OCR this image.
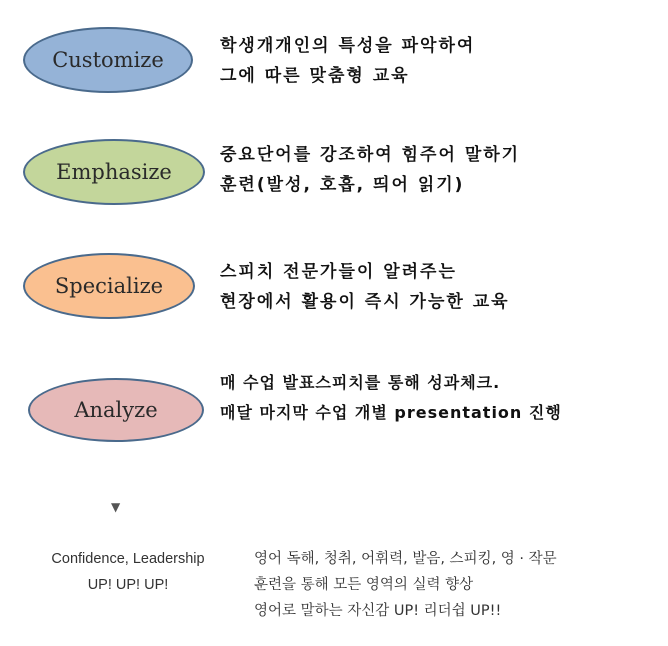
Customize
학생개개인의 특성을 파악하여
그에 따른 맞춤형 교육
Emphasize
중요단어를 강조하여 힘주어 말하기
훈련(발성, 호흡, 띄어 읽기)
Specialize
스피치 전문가들이 알려주는
현장에서 활용이 즉시 가능한 교육
Analyze
매 수업 발표스피치를 통해 성과체크.
매달 마지막 수업 개별 presentation 진행
▼
Confidence, Leadership
UP! UP! UP!
영어 독해, 청취, 어휘력, 발음, 스피킹, 영 · 작문
훈련을 통해 모든 영역의 실력 향상
영어로 말하는 자신감 UP! 리더쉽 UP!!
